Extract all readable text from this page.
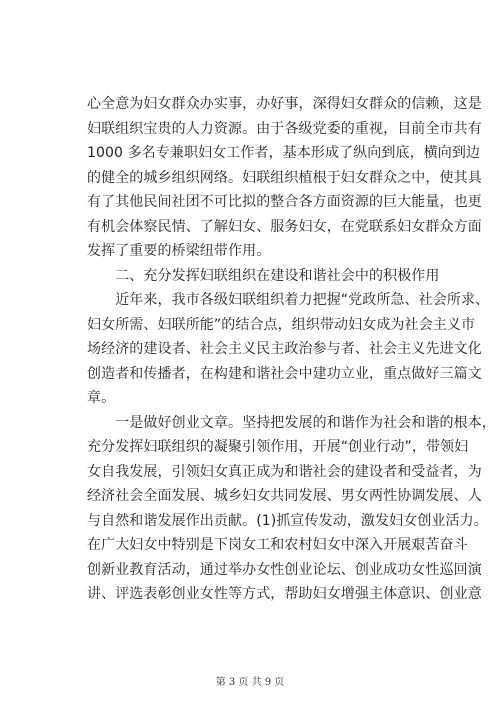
心全意为妇女群众办实事，办好事，深得妇女群众的信赖，这是
妇联组织宝贵的人力资源。由于各级党委的重视，目前全市共有
1000 多名专兼职妇女工作者，基本形成了纵向到底，横向到边
的健全的城乡组织网络。妇联组织植根于妇女群众之中，使其具
有了其他民间社团不可比拟的整合各方面资源的巨大能量，也更
有机会体察民情、了解妇女、服务妇女，在党联系妇女群众方面
发挥了重要的桥梁纽带作用。
　　二、充分发挥妇联组织在建设和谐社会中的积极作用
　　近年来，我市各级妇联组织着力把握“党政所急、社会所求、
妇女所需、妇联所能”的结合点，组织带动妇女成为社会主义市
场经济的建设者、社会主义民主政治参与者、社会主义先进文化
创造者和传播者，在构建和谐社会中建功立业，重点做好三篇文
章。
　　一是做好创业文章。坚持把发展的和谐作为社会和谐的根本，
充分发挥妇联组织的凝聚引领作用，开展“创业行动”，带领妇
女自我发展，引领妇女真正成为和谐社会的建设者和受益者，为
经济社会全面发展、城乡妇女共同发展、男女两性协调发展、人
与自然和谐发展作出贡献。(1)抓宣传发动，激发妇女创业活力。
在广大妇女中特别是下岗女工和农村妇女中深入开展艰苦奋斗
创新业教育活动，通过举办女性创业论坛、创业成功女性巡回演
讲、评选表彰创业女性等方式，帮助妇女增强主体意识、创业意
第 3 页 共 9 页
